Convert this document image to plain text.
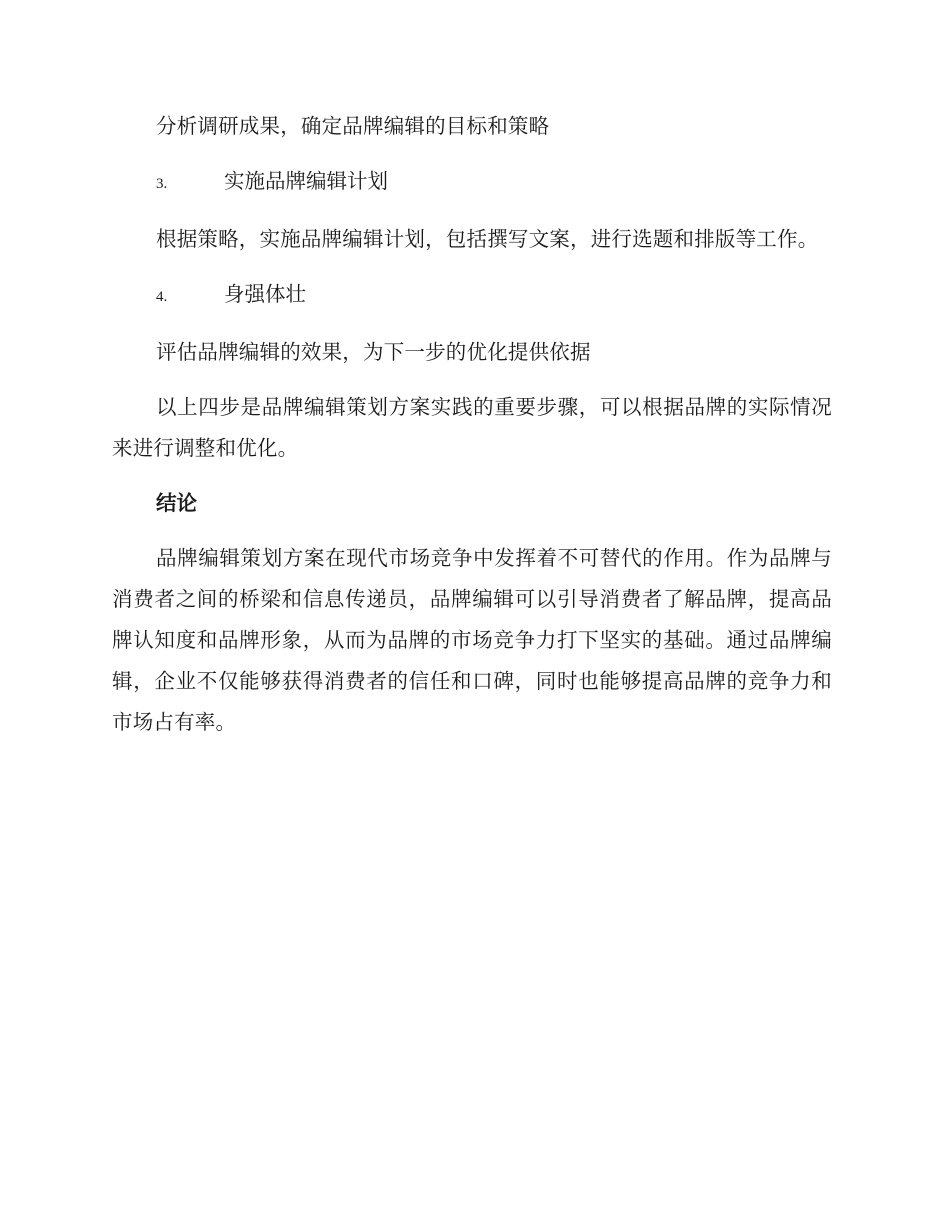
分析调研成果，确定品牌编辑的目标和策略

3.	实施品牌编辑计划

根据策略，实施品牌编辑计划，包括撰写文案，进行选题和排版等工作。

4.	身强体壮

评估品牌编辑的效果，为下一步的优化提供依据

以上四步是品牌编辑策划方案实践的重要步骤，可以根据品牌的实际情况来进行调整和优化。

结论

品牌编辑策划方案在现代市场竞争中发挥着不可替代的作用。作为品牌与消费者之间的桥梁和信息传递员，品牌编辑可以引导消费者了解品牌，提高品牌认知度和品牌形象，从而为品牌的市场竞争力打下坚实的基础。通过品牌编辑，企业不仅能够获得消费者的信任和口碑，同时也能够提高品牌的竞争力和市场占有率。
